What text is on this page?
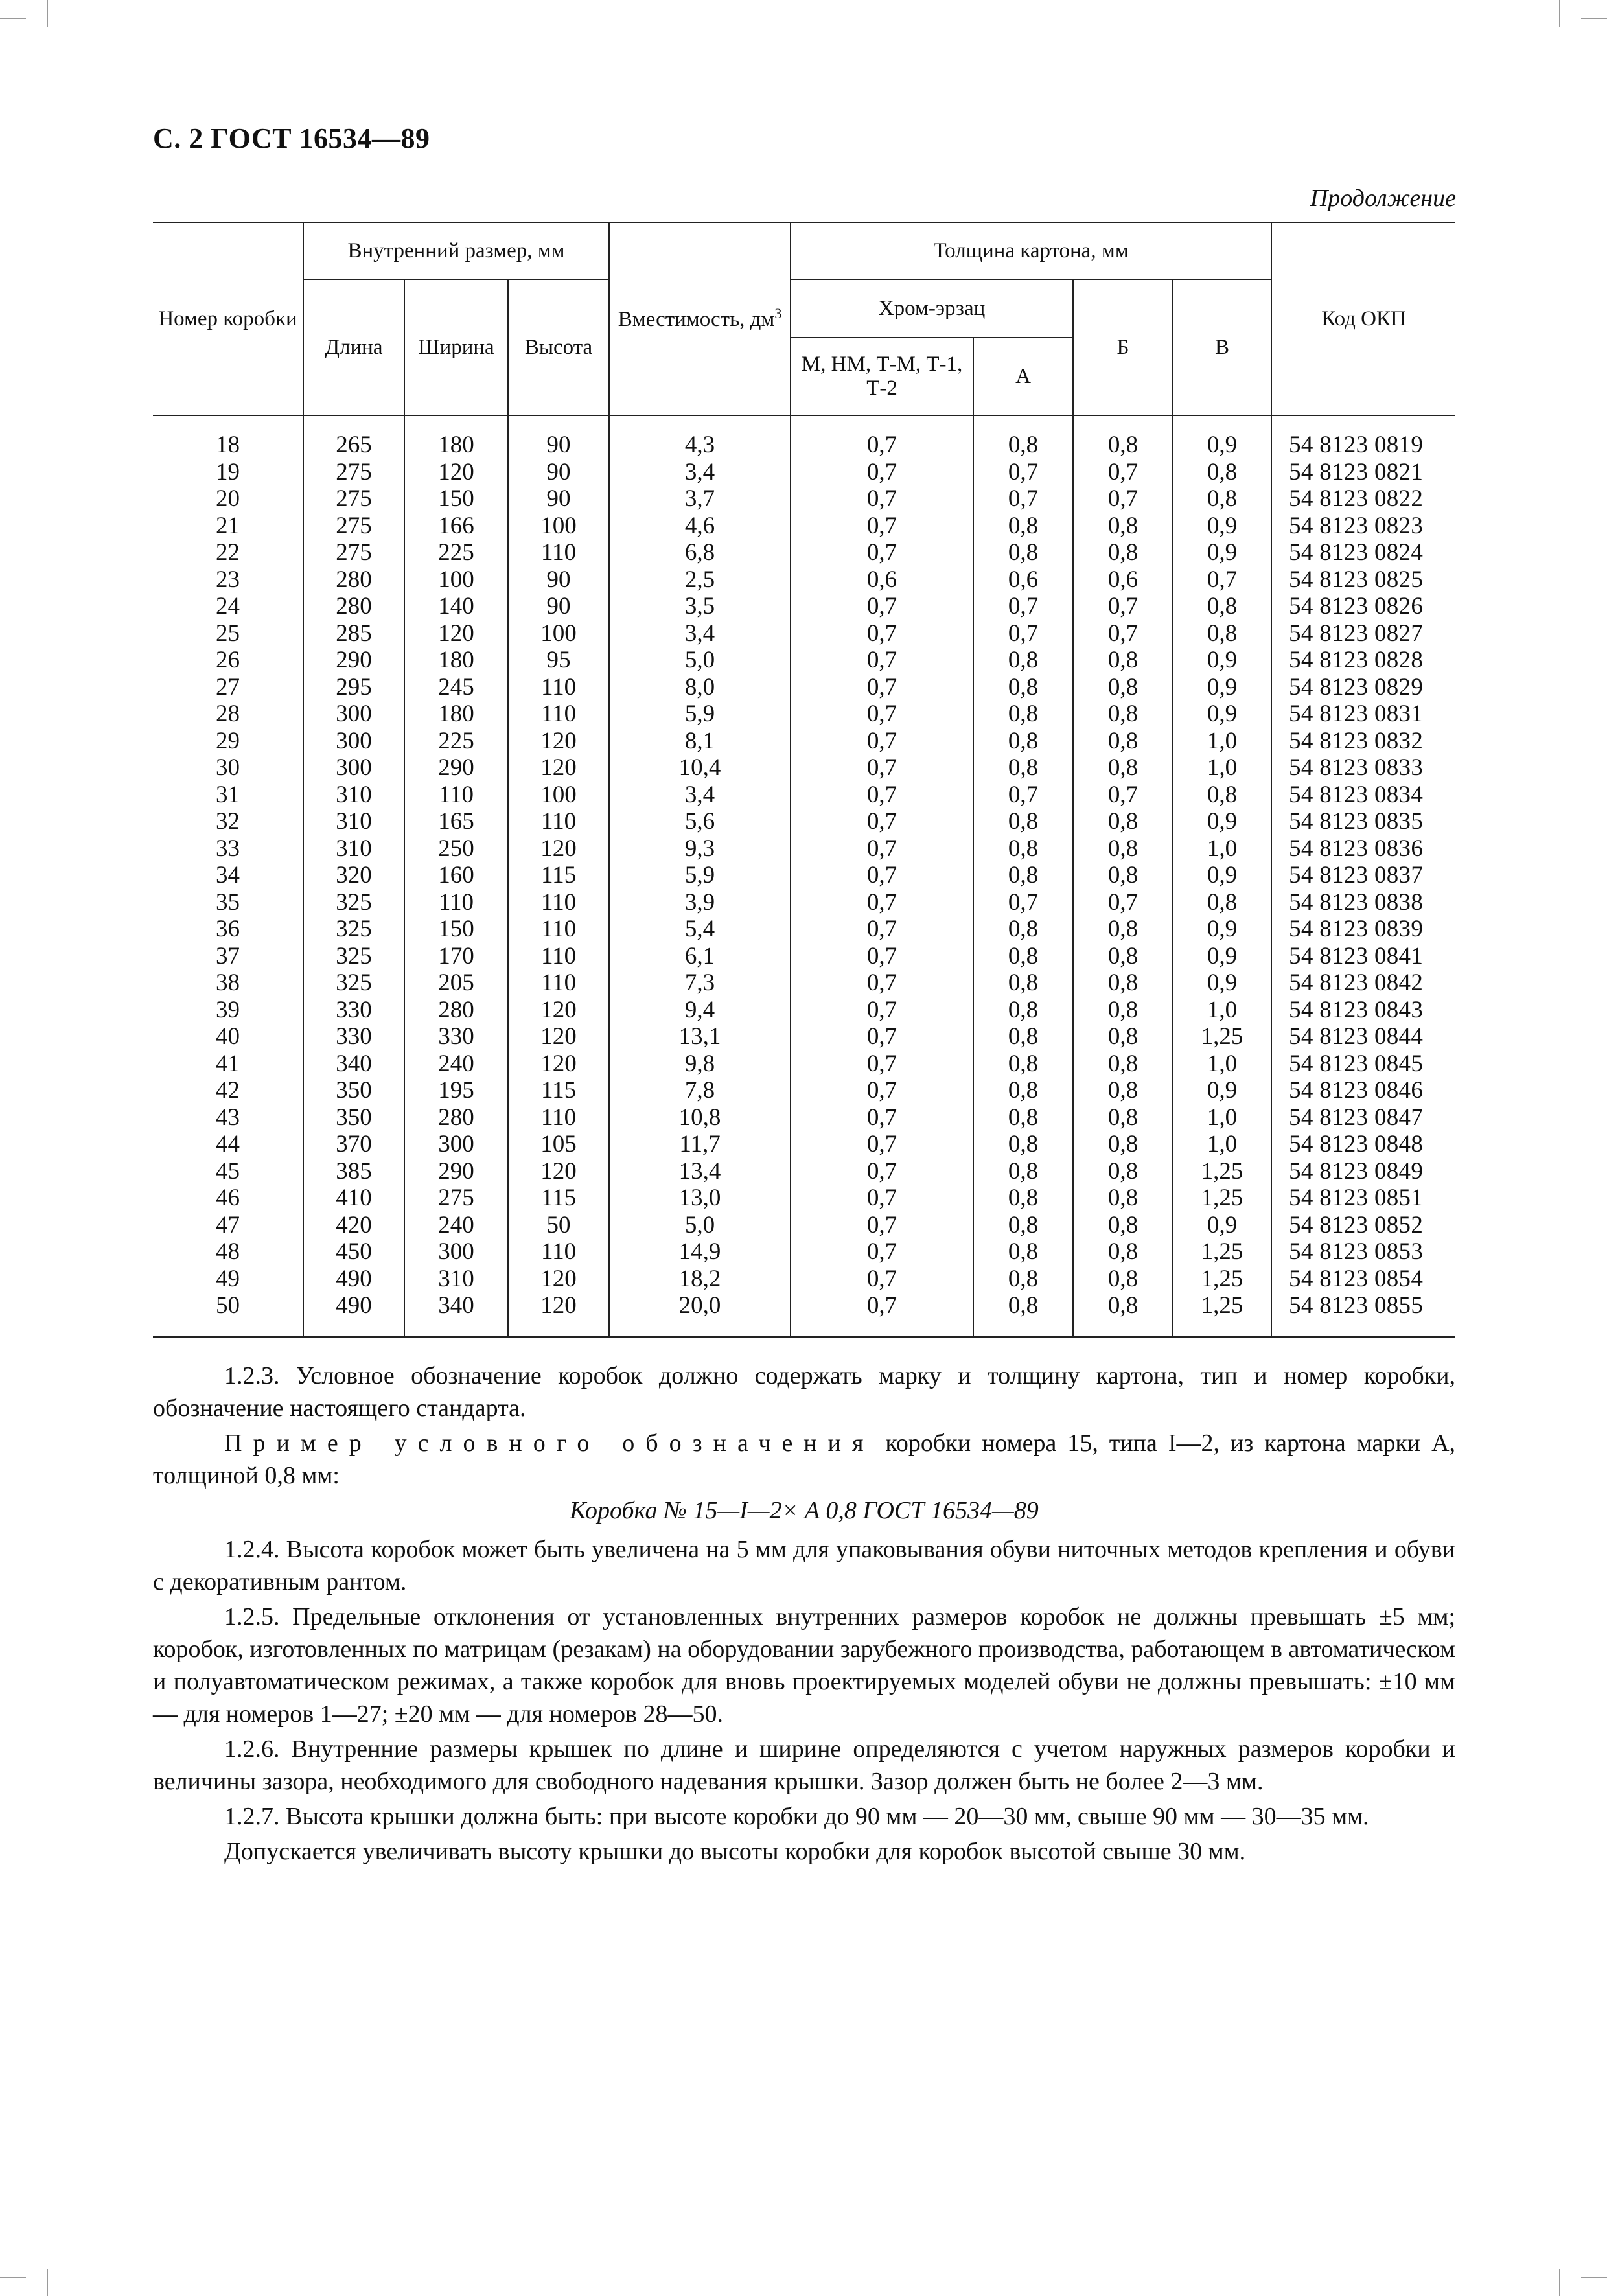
С. 2 ГОСТ 16534—89
Продолжение
Номер коробки	Внутренний размер, мм			Вместимость, $дм^3$	Толщина картона, мм				Код ОКП
	Длина	Ширина	Высота		Хром-эрзац		Б	В	
					М, НМ, Т-М, Т-1, Т-2	А			

18	265	180	90	4,3	0,7	0,8	0,8	0,9	54 8123 0819
19	275	120	90	3,4	0,7	0,7	0,7	0,8	54 8123 0821
20	275	150	90	3,7	0,7	0,7	0,7	0,8	54 8123 0822
21	275	166	100	4,6	0,7	0,8	0,8	0,9	54 8123 0823
22	275	225	110	6,8	0,7	0,8	0,8	0,9	54 8123 0824
23	280	100	90	2,5	0,6	0,6	0,6	0,7	54 8123 0825
24	280	140	90	3,5	0,7	0,7	0,7	0,8	54 8123 0826
25	285	120	100	3,4	0,7	0,7	0,7	0,8	54 8123 0827
26	290	180	95	5,0	0,7	0,8	0,8	0,9	54 8123 0828
27	295	245	110	8,0	0,7	0,8	0,8	0,9	54 8123 0829
28	300	180	110	5,9	0,7	0,8	0,8	0,9	54 8123 0831
29	300	225	120	8,1	0,7	0,8	0,8	1,0	54 8123 0832
30	300	290	120	10,4	0,7	0,8	0,8	1,0	54 8123 0833
31	310	110	100	3,4	0,7	0,7	0,7	0,8	54 8123 0834
32	310	165	110	5,6	0,7	0,8	0,8	0,9	54 8123 0835
33	310	250	120	9,3	0,7	0,8	0,8	1,0	54 8123 0836
34	320	160	115	5,9	0,7	0,8	0,8	0,9	54 8123 0837
35	325	110	110	3,9	0,7	0,7	0,7	0,8	54 8123 0838
36	325	150	110	5,4	0,7	0,8	0,8	0,9	54 8123 0839
37	325	170	110	6,1	0,7	0,8	0,8	0,9	54 8123 0841
38	325	205	110	7,3	0,7	0,8	0,8	0,9	54 8123 0842
39	330	280	120	9,4	0,7	0,8	0,8	1,0	54 8123 0843
40	330	330	120	13,1	0,7	0,8	0,8	1,25	54 8123 0844
41	340	240	120	9,8	0,7	0,8	0,8	1,0	54 8123 0845
42	350	195	115	7,8	0,7	0,8	0,8	0,9	54 8123 0846
43	350	280	110	10,8	0,7	0,8	0,8	1,0	54 8123 0847
44	370	300	105	11,7	0,7	0,8	0,8	1,0	54 8123 0848
45	385	290	120	13,4	0,7	0,8	0,8	1,25	54 8123 0849
46	410	275	115	13,0	0,7	0,8	0,8	1,25	54 8123 0851
47	420	240	50	5,0	0,7	0,8	0,8	0,9	54 8123 0852
48	450	300	110	14,9	0,7	0,8	0,8	1,25	54 8123 0853
49	490	310	120	18,2	0,7	0,8	0,8	1,25	54 8123 0854
50	490	340	120	20,0	0,7	0,8	0,8	1,25	54 8123 0855

1.2.3. Условное обозначение коробок должно содержать марку и толщину картона, тип и номер коробки, обозначение настоящего стандарта.

Пример условного обозначения коробки номера 15, типа I—2, из картона марки А, толщиной 0,8 мм:

Коробка № 15—I—2× А 0,8 ГОСТ 16534—89

1.2.4. Высота коробок может быть увеличена на 5 мм для упаковывания обуви ниточных методов крепления и обуви с декоративным рантом.

1.2.5. Предельные отклонения от установленных внутренних размеров коробок не должны превышать ±5 мм; коробок, изготовленных по матрицам (резакам) на оборудовании зарубежного производства, работающем в автоматическом и полуавтоматическом режимах, а также коробок для вновь проектируемых моделей обуви не должны превышать: ±10 мм — для номеров 1—27; ±20 мм — для номеров 28—50.

1.2.6. Внутренние размеры крышек по длине и ширине определяются с учетом наружных размеров коробки и величины зазора, необходимого для свободного надевания крышки. Зазор должен быть не более 2—3 мм.

1.2.7. Высота крышки должна быть: при высоте коробки до 90 мм — 20—30 мм, свыше 90 мм — 30—35 мм.

Допускается увеличивать высоту крышки до высоты коробки для коробок высотой свыше 30 мм.
